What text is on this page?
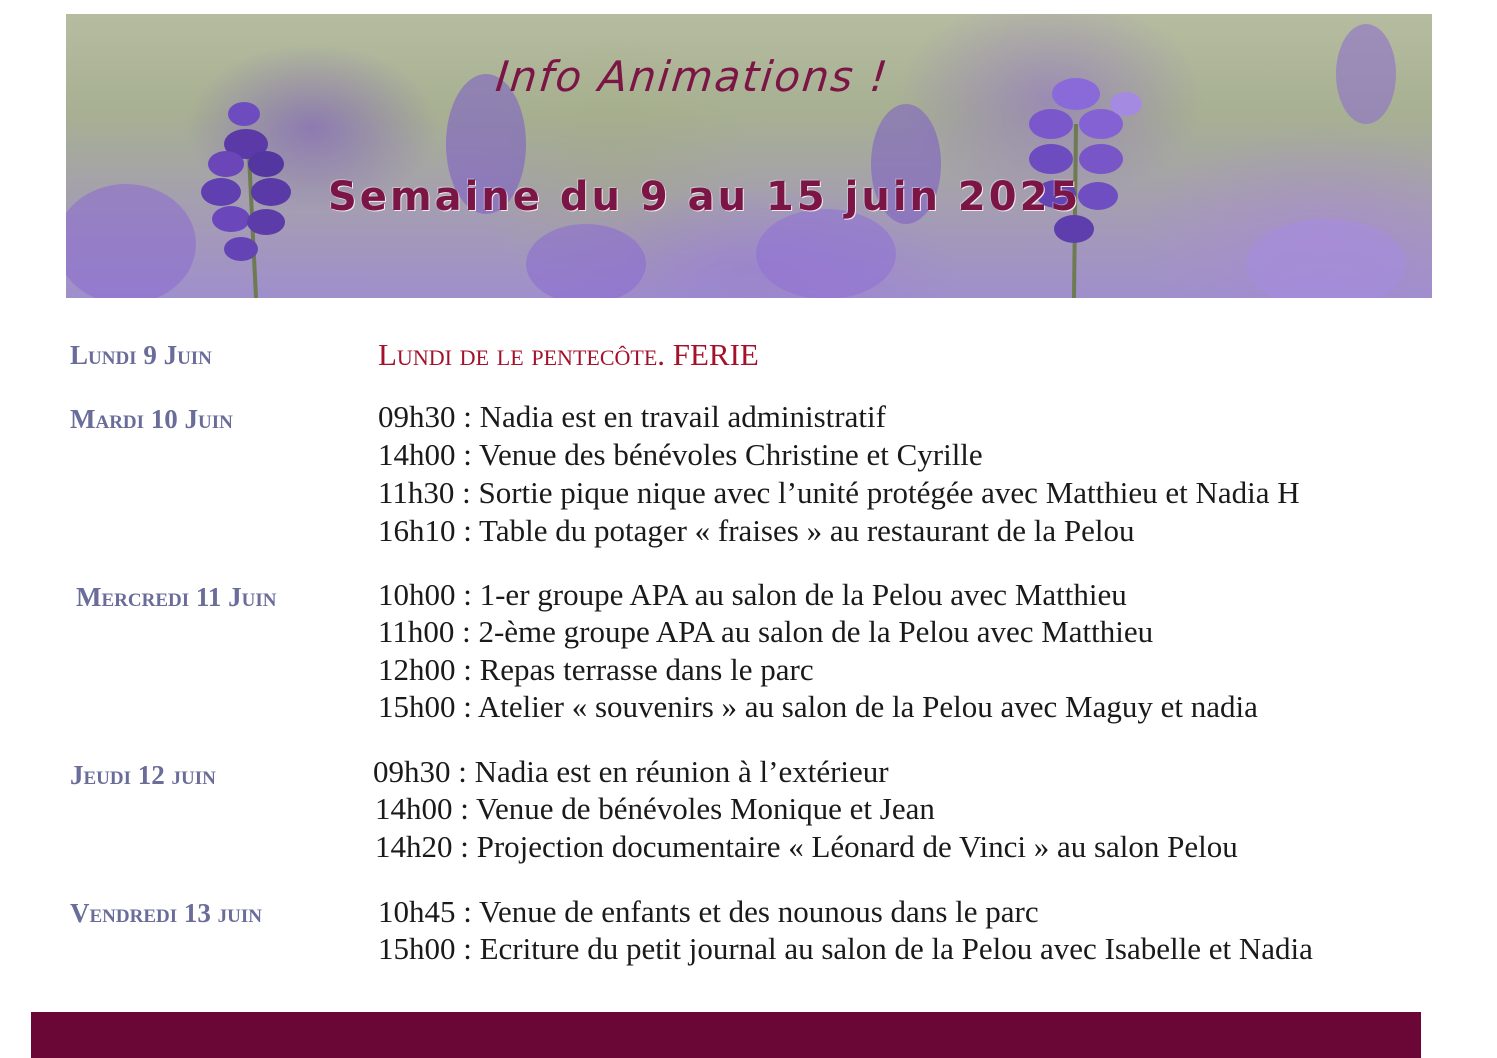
Info Animations !
Semaine du 9 au 15 juin 2025
Lundi 9 Juin	Lundi de le pentecôte. FERIE
Mardi 10 Juin	09h30 : Nadia est en travail administratif
14h00 : Venue des bénévoles Christine et Cyrille
11h30 : Sortie pique nique avec l’unité protégée avec Matthieu et Nadia H
16h10 : Table du potager « fraises » au restaurant de la Pelou
Mercredi 11 Juin	10h00 : 1-er groupe APA au salon de la Pelou avec Matthieu
11h00 : 2-ème groupe APA au salon de la Pelou avec Matthieu
12h00 : Repas terrasse dans le parc
15h00 : Atelier « souvenirs » au salon de la Pelou avec Maguy et nadia
Jeudi 12 juin	09h30 : Nadia est en réunion à l’extérieur
14h00 : Venue de bénévoles Monique et Jean
14h20 : Projection documentaire « Léonard de Vinci » au salon Pelou
Vendredi 13 juin	10h45 : Venue de enfants et des nounous dans le parc
15h00 : Ecriture du petit journal au salon de la Pelou avec Isabelle et Nadia
